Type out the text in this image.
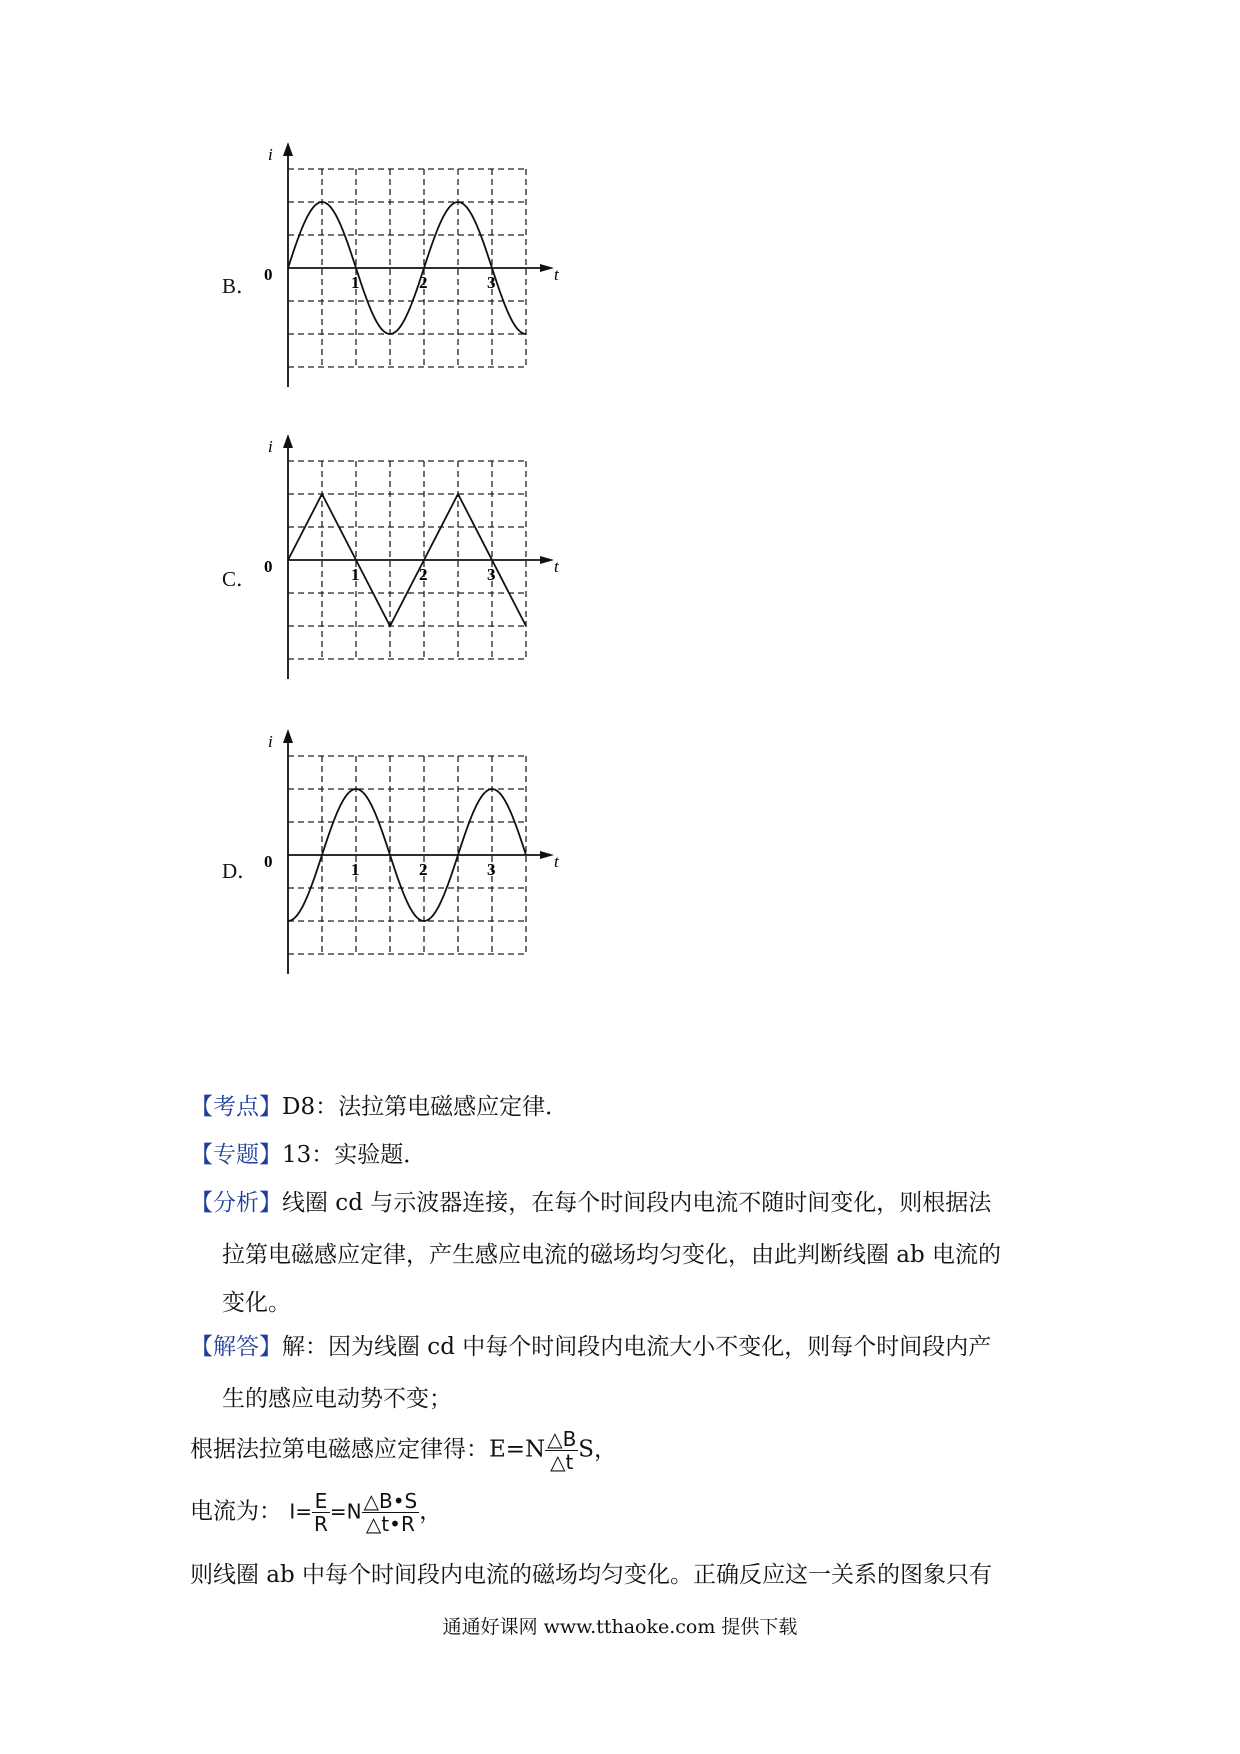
i
t
0	1	2	3
B．
i
t
0	1	2	3
C．
i
t
0	1	2	3
D．
【考点】D8：法拉第电磁感应定律．
【专题】13：实验题．
【分析】线圈 cd 与示波器连接，在每个时间段内电流不随时间变化，则根据法
拉第电磁感应定律，产生感应电流的磁场均匀变化，由此判断线圈 ab 电流的
变化。
【解答】解：因为线圈 cd 中每个时间段内电流大小不变化，则每个时间段内产
生的感应电动势不变；
根据法拉第电磁感应定律得：$E=N \frac{\triangle B}{\triangle t}$ S，
电流为： $I= \frac{E}{R} =N \frac{\triangle B•S}{\triangle t•R}$ ，
则线圈 ab 中每个时间段内电流的磁场均匀变化。正确反应这一关系的图象只有
通通好课网 www.tthaoke.com 提供下载
